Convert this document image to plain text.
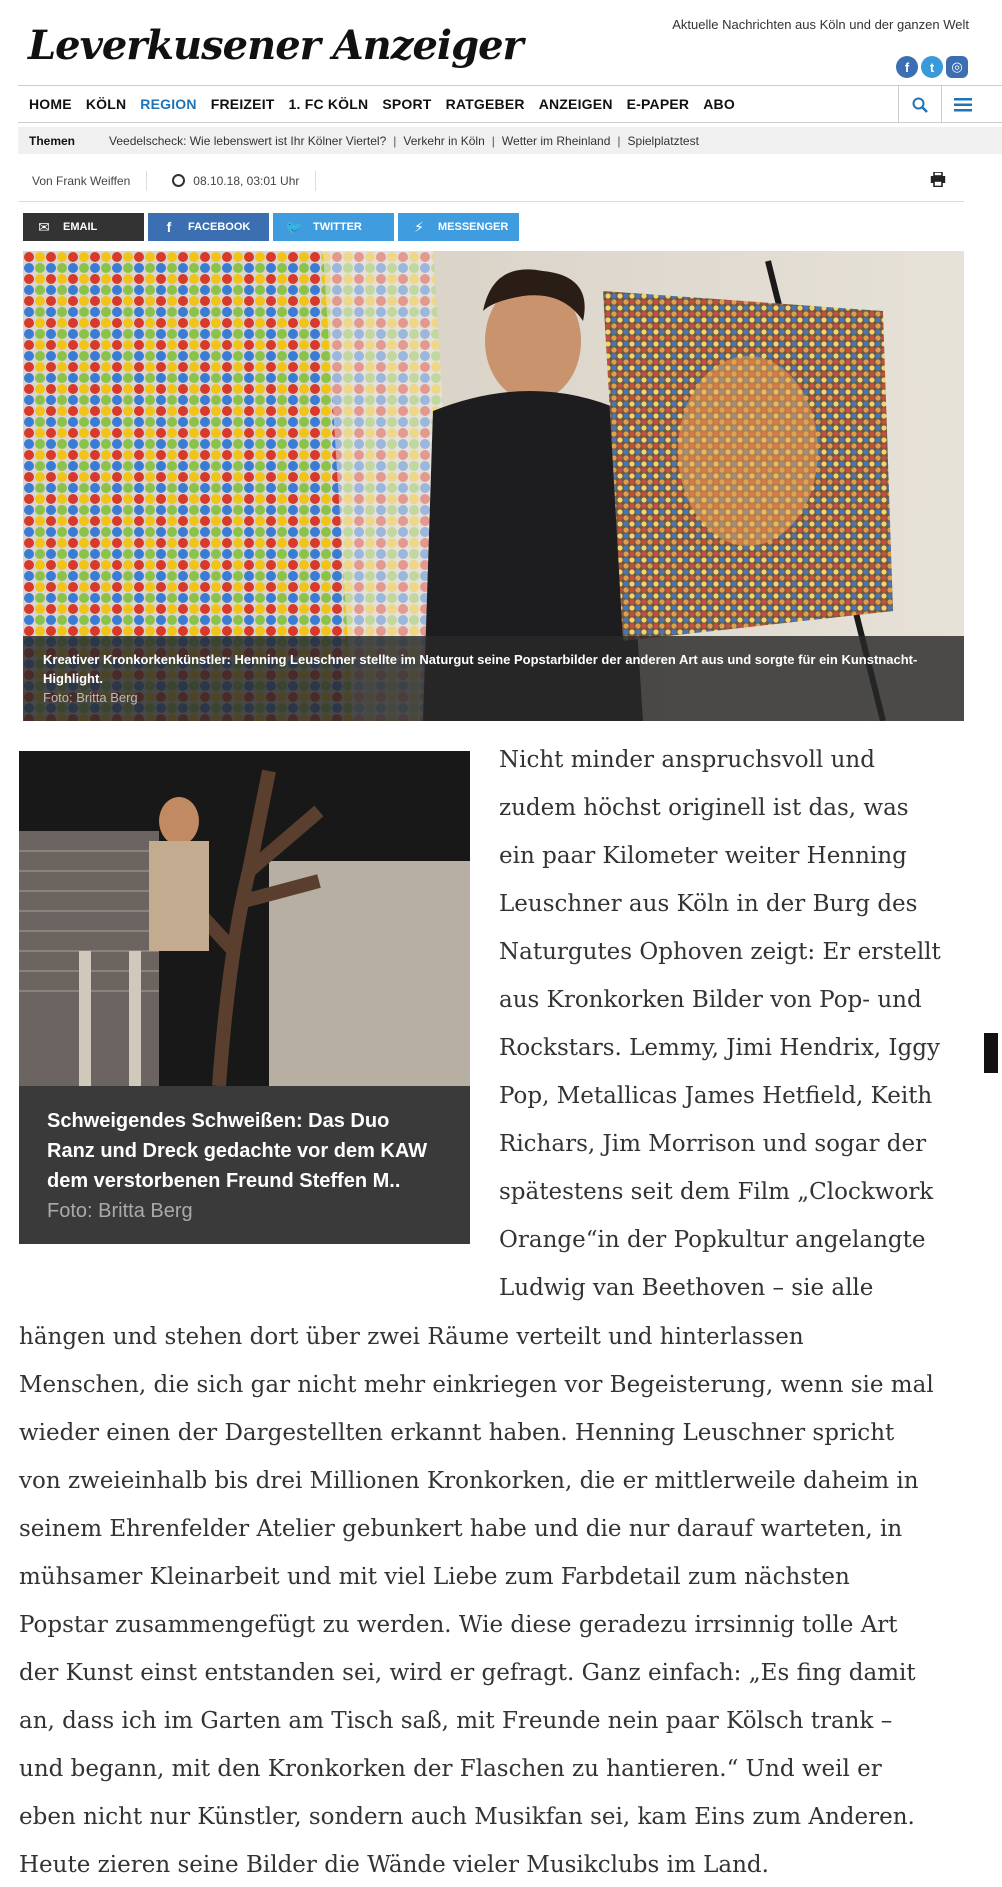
Leverkusener Anzeiger	Aktuelle Nachrichten aus Köln und der ganzen Welt
f	t	◎
HOME KÖLN REGION FREIZEIT 1. FC KÖLN SPORT RATGEBER ANZEIGEN E-PAPER ABO
Themen	Veedelscheck: Wie lebenswert ist Ihr Kölner Viertel? | Verkehr in Köln | Wetter im Rheinland | Spielplatztest
Von Frank Weiffen	08.10.18, 03:01 Uhr
✉ EMAIL	f	FACEBOOK 🐦 TWITTER	⚡	MESSENGER
Kreativer Kronkorkenkünstler: Henning Leuschner stellte im Naturgut seine Popstarbilder der anderen Art aus und sorgte für ein Kunstnacht-Highlight.
Foto: Britta Berg
Schweigendes Schweißen: Das Duo Ranz und Dreck gedachte vor dem KAW dem verstorbenen Freund Steffen M..
Foto: Britta Berg
Nicht minder anspruchsvoll und
zudem höchst originell ist das, was
ein paar Kilometer weiter Henning
Leuschner aus Köln in der Burg des
Naturgutes Ophoven zeigt: Er erstellt
aus Kronkorken Bilder von Pop- und
Rockstars. Lemmy, Jimi Hendrix, Iggy
Pop, Metallicas James Hetfield, Keith
Richars, Jim Morrison und sogar der
spätestens seit dem Film „Clockwork
Orange“in der Popkultur angelangte
Ludwig van Beethoven – sie alle
hängen und stehen dort über zwei Räume verteilt und hinterlassen
Menschen, die sich gar nicht mehr einkriegen vor Begeisterung, wenn sie mal
wieder einen der Dargestellten erkannt haben. Henning Leuschner spricht
von zweieinhalb bis drei Millionen Kronkorken, die er mittlerweile daheim in
seinem Ehrenfelder Atelier gebunkert habe und die nur darauf warteten, in
mühsamer Kleinarbeit und mit viel Liebe zum Farbdetail zum nächsten
Popstar zusammengefügt zu werden. Wie diese geradezu irrsinnig tolle Art
der Kunst einst entstanden sei, wird er gefragt. Ganz einfach: „Es fing damit
an, dass ich im Garten am Tisch saß, mit Freunde nein paar Kölsch trank –
und begann, mit den Kronkorken der Flaschen zu hantieren.“ Und weil er
eben nicht nur Künstler, sondern auch Musikfan sei, kam Eins zum Anderen.
Heute zieren seine Bilder die Wände vieler Musikclubs im Land.
